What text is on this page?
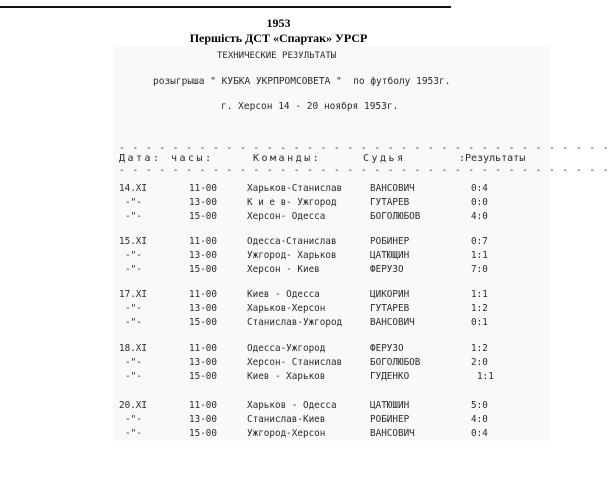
1953
Першість ДСТ «Спартак» УРСР
ТЕХНИЧЕСКИЕ РЕЗУЛЬТАТЫ
розыгрыша " КУБКА УКРПРОМСОВЕТА "  по футболу 1953г.
г. Херсон 14 - 20 ноября 1953г.
- - - - - - - - - - - - - - - - - - - - - - - - - - - - - - - - - - - - -
Дата: часы:	Команды:	Судья	:Результаты
- - - - - - - - - - - - - - - - - - - - - - - - - - - - - - - - - - - - -
14.XI	11-00	Харьков-Станислав	ВАНСОВИЧ	0:4
-"-	13-00	К и е в- Ужгород	ГУТАРЕВ	0:0
-"-	15-00	Херсон- Одесса	БОГОЛЮБОВ	4:0
15.XI	11-00	Одесса-Станислав	РОБИНЕР	0:7
-"-	13-00	Ужгород- Харьков	ЦАТЮЩИН	1:1
-"-	15-00	Херсон - Киев	ФЕРУЗО	7:0
17.XI	11-00	Киев - Одесса	ЦИКОРИН	1:1
-"-	13-00	Харьков-Херсон	ГУТАРЕВ	1:2
-"-	15-00	Станислав-Ужгород	ВАНСОВИЧ	0:1
18.XI	11-00	Одесса-Ужгород	ФЕРУЗО	1:2
-"-	13-00	Херсон- Станислав	БОГОЛЮБОВ	2:0
-"-	15-00	Киев - Харьков	ГУДЕНКО	1:1
20.XI	11-00	Харьков - Одесса	ЦАТЮШИН	5:0
-"-	13-00	Станислав-Киев	РОБИНЕР	4:0
-"-	15-00	Ужгород-Херсон	ВАНСОВИЧ	0:4
